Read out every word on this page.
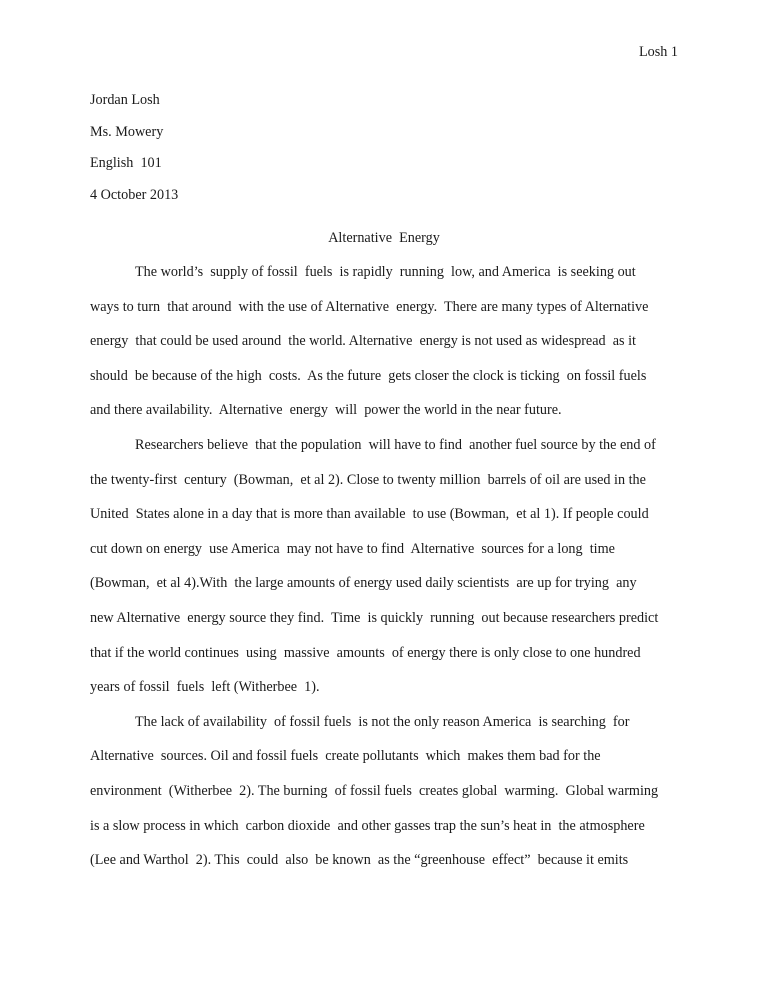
Losh 1
Jordan Losh
Ms. Mowery
English  101
4 October 2013
Alternative  Energy
The world’s  supply of fossil  fuels  is rapidly  running  low, and America  is seeking out
ways to turn  that around  with the use of Alternative  energy.  There are many types of Alternative
energy  that could be used around  the world. Alternative  energy is not used as widespread  as it
should  be because of the high  costs.  As the future  gets closer the clock is ticking  on fossil fuels
and there availability.  Alternative  energy  will  power the world in the near future.
Researchers believe  that the population  will have to find  another fuel source by the end of
the twenty-first  century  (Bowman,  et al 2). Close to twenty million  barrels of oil are used in the
United  States alone in a day that is more than available  to use (Bowman,  et al 1). If people could
cut down on energy  use America  may not have to find  Alternative  sources for a long  time
(Bowman,  et al 4).With  the large amounts of energy used daily scientists  are up for trying  any
new Alternative  energy source they find.  Time  is quickly  running  out because researchers predict
that if the world continues  using  massive  amounts  of energy there is only close to one hundred
years of fossil  fuels  left (Witherbee  1).
The lack of availability  of fossil fuels  is not the only reason America  is searching  for
Alternative  sources. Oil and fossil fuels  create pollutants  which  makes them bad for the
environment  (Witherbee  2). The burning  of fossil fuels  creates global  warming.  Global warming
is a slow process in which  carbon dioxide  and other gasses trap the sun’s heat in  the atmosphere
(Lee and Warthol  2). This  could  also  be known  as the “greenhouse  effect”  because it emits
